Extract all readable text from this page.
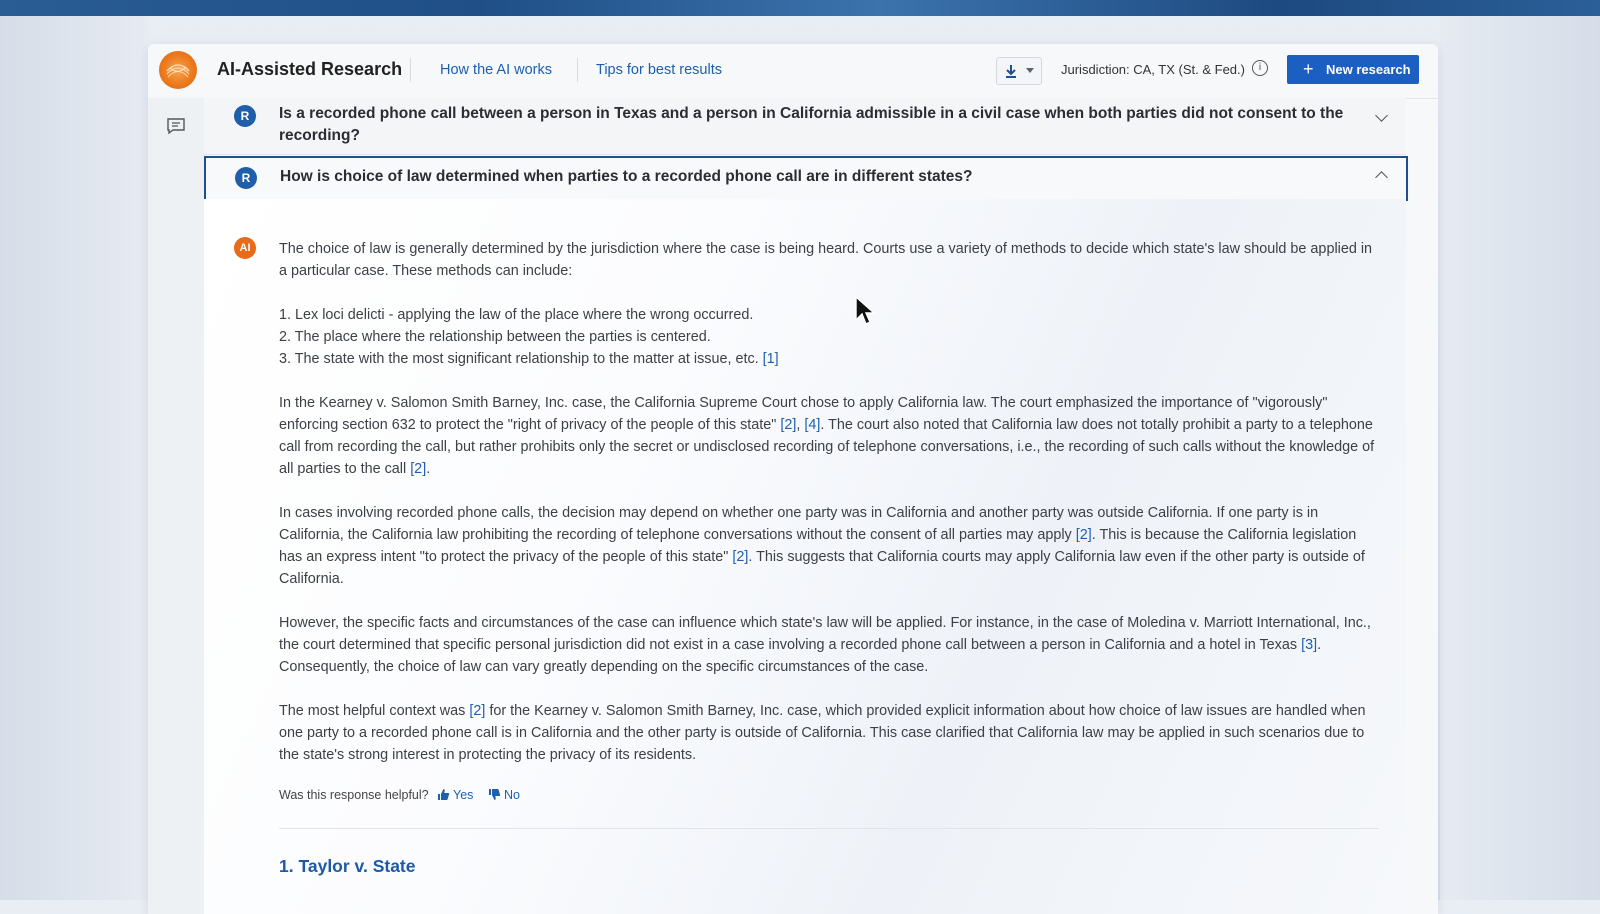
AI-Assisted Research	How the AI works	Tips for best results	Jurisdiction: CA, TX (St. & Fed.)	i	+ New research
R	Is a recorded phone call between a person in Texas and a person in California admissible in a civil case when both parties did not consent to the recording?
R	How is choice of law determined when parties to a recorded phone call are in different states?
AI	The choice of law is generally determined by the jurisdiction where the case is being heard. Courts use a variety of methods to decide which state's law should be applied in a particular case. These methods can include:

1. Lex loci delicti - applying the law of the place where the wrong occurred.
2. The place where the relationship between the parties is centered.
3. The state with the most significant relationship to the matter at issue, etc. [1]

In the Kearney v. Salomon Smith Barney, Inc. case, the California Supreme Court chose to apply California law. The court emphasized the importance of "vigorously" enforcing section 632 to protect the "right of privacy of the people of this state" [2], [4]. The court also noted that California law does not totally prohibit a party to a telephone call from recording the call, but rather prohibits only the secret or undisclosed recording of telephone conversations, i.e., the recording of such calls without the knowledge of all parties to the call [2].

In cases involving recorded phone calls, the decision may depend on whether one party was in California and another party was outside California. If one party is in California, the California law prohibiting the recording of telephone conversations without the consent of all parties may apply [2]. This is because the California legislation has an express intent "to protect the privacy of the people of this state" [2]. This suggests that California courts may apply California law even if the other party is outside of California.

However, the specific facts and circumstances of the case can influence which state's law will be applied. For instance, in the case of Moledina v. Marriott International, Inc., the court determined that specific personal jurisdiction did not exist in a case involving a recorded phone call between a person in California and a hotel in Texas [3]. Consequently, the choice of law can vary greatly depending on the specific circumstances of the case.

The most helpful context was [2] for the Kearney v. Salomon Smith Barney, Inc. case, which provided explicit information about how choice of law issues are handled when one party to a recorded phone call is in California and the other party is outside of California. This case clarified that California law may be applied in such scenarios due to the state's strong interest in protecting the privacy of its residents.

Was this response helpful?	Yes	No
1. Taylor v. State
